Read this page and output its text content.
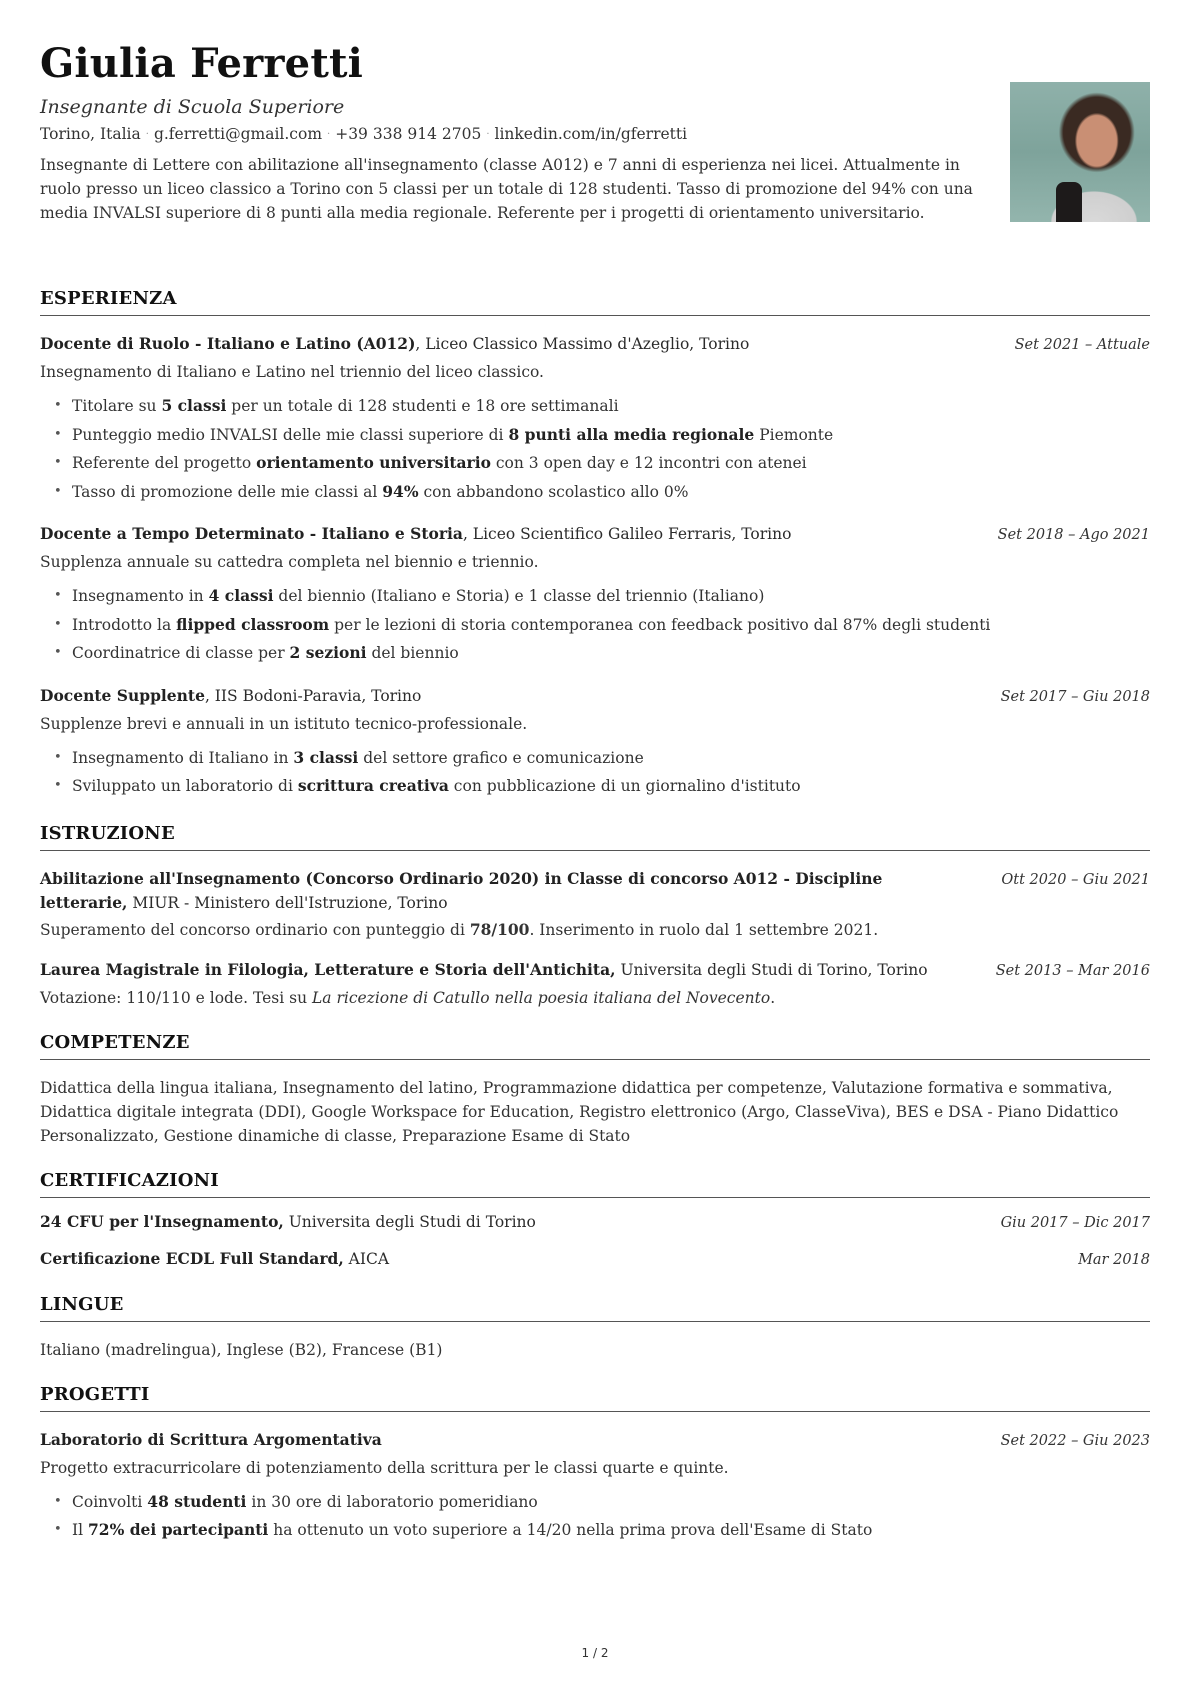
Giulia Ferretti
Insegnante di Scuola Superiore
Torino, Italia · g.ferretti@gmail.com · +39 338 914 2705 · linkedin.com/in/gferretti
Insegnante di Lettere con abilitazione all'insegnamento (classe A012) e 7 anni di esperienza nei licei. Attualmente in ruolo presso un liceo classico a Torino con 5 classi per un totale di 128 studenti. Tasso di promozione del 94% con una media INVALSI superiore di 8 punti alla media regionale. Referente per i progetti di orientamento universitario.
ESPERIENZA
Docente di Ruolo - Italiano e Latino (A012), Liceo Classico Massimo d'Azeglio, Torino	Set 2021 – Attuale
Insegnamento di Italiano e Latino nel triennio del liceo classico.
• Titolare su 5 classi per un totale di 128 studenti e 18 ore settimanali
• Punteggio medio INVALSI delle mie classi superiore di 8 punti alla media regionale Piemonte
• Referente del progetto orientamento universitario con 3 open day e 12 incontri con atenei
• Tasso di promozione delle mie classi al 94% con abbandono scolastico allo 0%
Docente a Tempo Determinato - Italiano e Storia, Liceo Scientifico Galileo Ferraris, Torino	Set 2018 – Ago 2021
Supplenza annuale su cattedra completa nel biennio e triennio.
• Insegnamento in 4 classi del biennio (Italiano e Storia) e 1 classe del triennio (Italiano)
• Introdotto la flipped classroom per le lezioni di storia contemporanea con feedback positivo dal 87% degli studenti
• Coordinatrice di classe per 2 sezioni del biennio
Docente Supplente, IIS Bodoni-Paravia, Torino	Set 2017 – Giu 2018
Supplenze brevi e annuali in un istituto tecnico-professionale.
• Insegnamento di Italiano in 3 classi del settore grafico e comunicazione
• Sviluppato un laboratorio di scrittura creativa con pubblicazione di un giornalino d'istituto
ISTRUZIONE
Abilitazione all'Insegnamento (Concorso Ordinario 2020) in Classe di concorso A012 - Discipline letterarie, MIUR - Ministero dell'Istruzione, Torino
Ott 2020 – Giu 2021
Superamento del concorso ordinario con punteggio di 78/100. Inserimento in ruolo dal 1 settembre 2021.
Laurea Magistrale in Filologia, Letterature e Storia dell'Antichita, Universita degli Studi di Torino, Torino	Set 2013 – Mar 2016
Votazione: 110/110 e lode. Tesi su La ricezione di Catullo nella poesia italiana del Novecento.
COMPETENZE
Didattica della lingua italiana, Insegnamento del latino, Programmazione didattica per competenze, Valutazione formativa e sommativa, Didattica digitale integrata (DDI), Google Workspace for Education, Registro elettronico (Argo, ClasseViva), BES e DSA - Piano Didattico Personalizzato, Gestione dinamiche di classe, Preparazione Esame di Stato
CERTIFICAZIONI
24 CFU per l'Insegnamento, Universita degli Studi di Torino	Giu 2017 – Dic 2017
Certificazione ECDL Full Standard, AICA	Mar 2018
LINGUE
Italiano (madrelingua), Inglese (B2), Francese (B1)
PROGETTI
Laboratorio di Scrittura Argomentativa	Set 2022 – Giu 2023
Progetto extracurricolare di potenziamento della scrittura per le classi quarte e quinte.
• Coinvolti 48 studenti in 30 ore di laboratorio pomeridiano
• Il 72% dei partecipanti ha ottenuto un voto superiore a 14/20 nella prima prova dell'Esame di Stato
1 / 2
